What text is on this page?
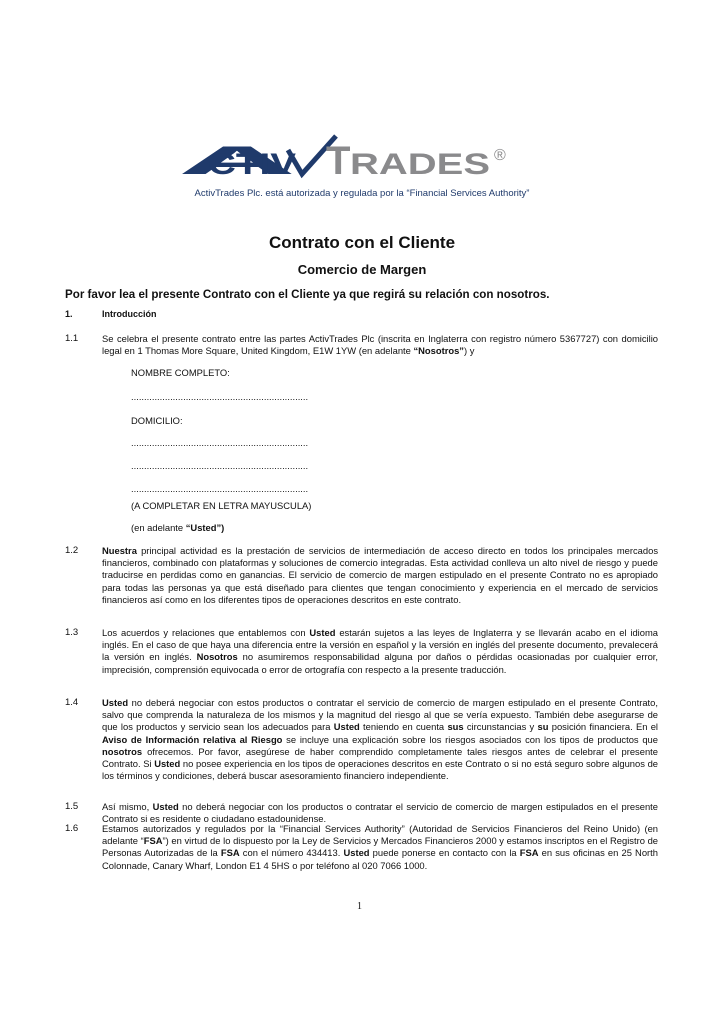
A
CTIV T RADES ®
ActivTrades Plc. está autorizada y regulada por la “Financial Services Authority”
Contrato con el Cliente
Comercio de Margen
Por favor lea el presente Contrato con el Cliente ya que regirá su relación con nosotros.
1.	Introducción
1.1	Se celebra el presente contrato entre las partes ActivTrades Plc (inscrita en Inglaterra con registro número 5367727) con domicilio legal en 1 Thomas More Square, United Kingdom, E1W 1YW (en adelante “Nosotros”) y
NOMBRE COMPLETO:
....................................................................
DOMICILIO:
....................................................................
....................................................................
....................................................................
(A COMPLETAR EN LETRA MAYUSCULA)
(en adelante “Usted”)
1.2	Nuestra principal actividad es la prestación de servicios de intermediación de acceso directo en todos los principales mercados financieros, combinado con plataformas y soluciones de comercio integradas. Esta actividad conlleva un alto nivel de riesgo y puede traducirse en perdidas como en ganancias. El servicio de comercio de margen estipulado en el presente Contrato no es apropiado para todas las personas ya que está diseñado para clientes que tengan conocimiento y experiencia en el mercado de servicios financieros así como en los diferentes tipos de operaciones descritos en este contrato.
1.3	Los acuerdos y relaciones que entablemos con Usted estarán sujetos a las leyes de Inglaterra y se llevarán acabo en el idioma inglés. En el caso de que haya una diferencia entre la versión en español y la versión en inglés del presente documento, prevalecerá la versión en inglés. Nosotros no asumiremos responsabilidad alguna por daños o pérdidas ocasionadas por cualquier error, imprecisión, comprensión equivocada o error de ortografía con respecto a la presente traducción.
1.4	Usted no deberá negociar con estos productos o contratar el servicio de comercio de margen estipulado en el presente Contrato, salvo que comprenda la naturaleza de los mismos y la magnitud del riesgo al que se vería expuesto. También debe asegurarse de que los productos y servicio sean los adecuados para Usted teniendo en cuenta sus circunstancias y su posición financiera. En el Aviso de Información relativa al Riesgo se incluye una explicación sobre los riesgos asociados con los tipos de productos que nosotros ofrecemos. Por favor, asegúrese de haber comprendido completamente tales riesgos antes de celebrar el presente Contrato. Si Usted no posee experiencia en los tipos de operaciones descritos en este Contrato o si no está seguro sobre algunos de los términos y condiciones, deberá buscar asesoramiento financiero independiente.
1.5	Así mismo, Usted no deberá negociar con los productos o contratar el servicio de comercio de margen estipulados en el presente Contrato si es residente o ciudadano estadounidense.
1.6	Estamos autorizados y regulados por la “Financial Services Authority” (Autoridad de Servicios Financieros del Reino Unido) (en adelante “FSA”) en virtud de lo dispuesto por la Ley de Servicios y Mercados Financieros 2000 y estamos inscriptos en el Registro de Personas Autorizadas de la FSA con el número 434413. Usted puede ponerse en contacto con la FSA en sus oficinas en 25 North Colonnade, Canary Wharf, London E1 4 5HS o por teléfono al 020 7066 1000.
1
